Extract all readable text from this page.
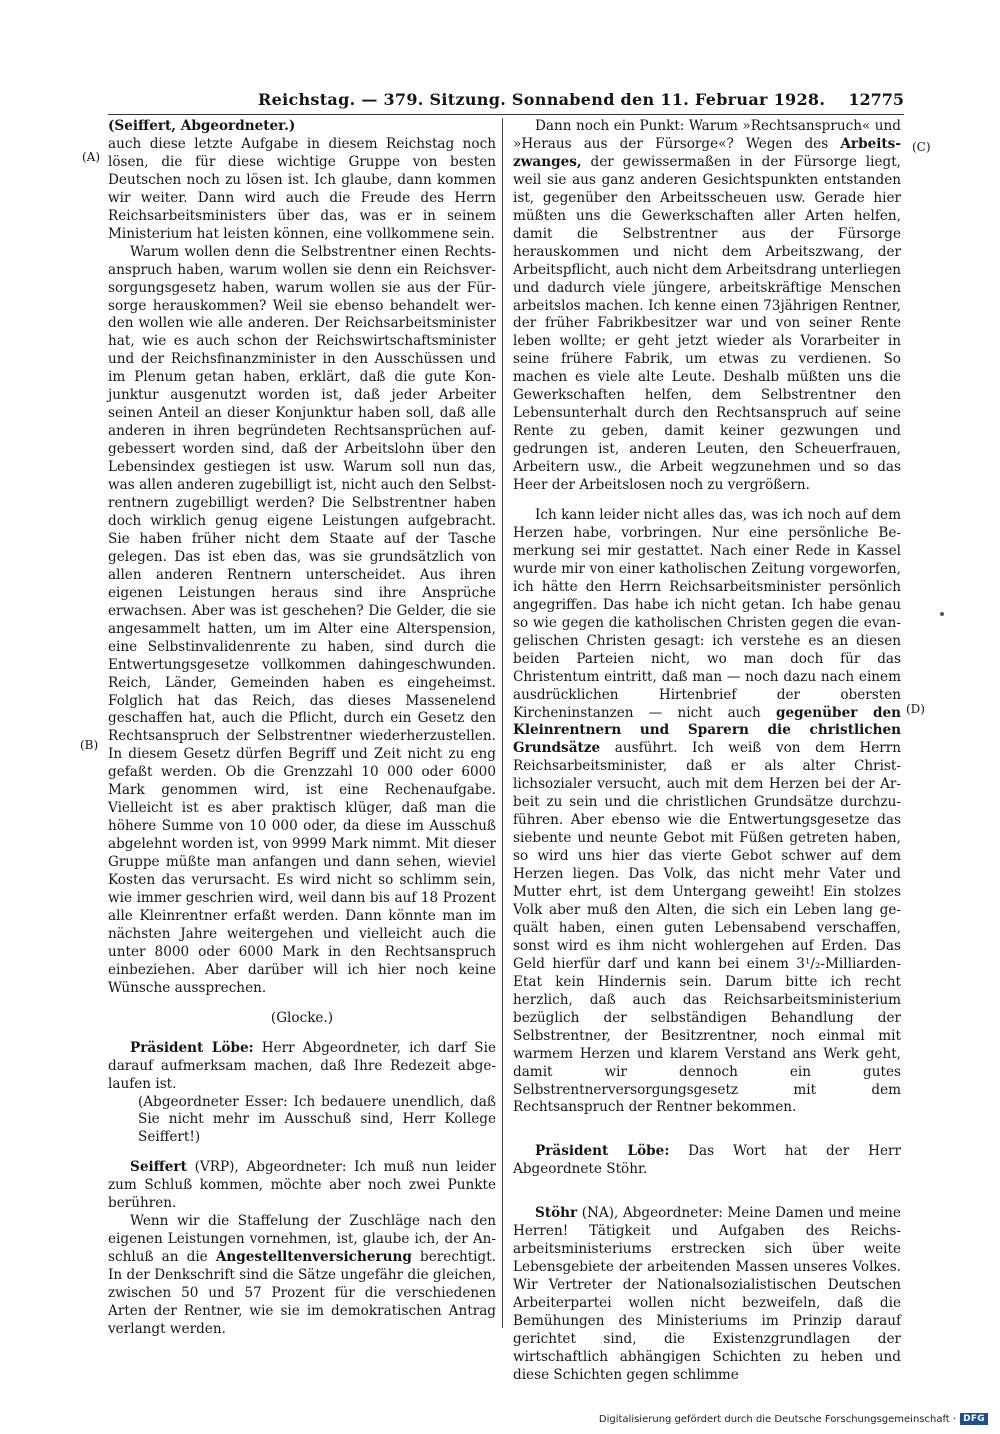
Reichstag. — 379. Sitzung. Sonnabend den 11. Februar 1928. 12775
(A)
(B)
(C)
(D)

(Seiffert, Abgeordneter.)

auch diese letzte Aufgabe in diesem Reichstag noch lösen, die für diese wichtige Gruppe von besten Deutschen noch zu lösen ist. Ich glaube, dann kommen wir weiter. Dann wird auch die Freude des Herrn Reichsarbeitsministers über das, was er in seinem Ministerium hat leisten können, eine vollkommene sein.

Warum wollen denn die Selbstrentner einen Rechtsanspruch haben, warum wollen sie denn ein Reichsversorgungsgesetz haben, warum wollen sie aus der Fürsorge herauskommen? Weil sie ebenso behandelt werden wollen wie alle anderen. Der Reichsarbeitsminister hat, wie es auch schon der Reichswirtschaftsminister und der Reichsfinanzminister in den Ausschüssen und im Plenum getan haben, erklärt, daß die gute Konjunktur ausgenutzt worden ist, daß jeder Arbeiter seinen Anteil an dieser Konjunktur haben soll, daß alle anderen in ihren begründeten Rechtsansprüchen aufgebessert worden sind, daß der Arbeitslohn über den Lebensindex gestiegen ist usw. Warum soll nun das, was allen anderen zugebilligt ist, nicht auch den Selbstrentnern zugebilligt werden? Die Selbstrentner haben doch wirklich genug eigene Leistungen aufgebracht. Sie haben früher nicht dem Staate auf der Tasche gelegen. Das ist eben das, was sie grundsätzlich von allen anderen Rentnern unterscheidet. Aus ihren eigenen Leistungen heraus sind ihre Ansprüche erwachsen. Aber was ist geschehen? Die Gelder, die sie angesammelt hatten, um im Alter eine Alterspension, eine Selbstinvalidenrente zu haben, sind durch die Entwertungsgesetze vollkommen dahingeschwunden. Reich, Länder, Gemeinden haben es eingeheimst. Folglich hat das Reich, das dieses Massenelend geschaffen hat, auch die Pflicht, durch ein Gesetz den Rechtsanspruch der Selbstrentner wiederherzustellen. In diesem Gesetz dürfen Begriff und Zeit nicht zu eng gefaßt werden. Ob die Grenzzahl 10 000 oder 6000 Mark genommen wird, ist eine Rechenaufgabe. Vielleicht ist es aber praktisch klüger, daß man die höhere Summe von 10 000 oder, da diese im Ausschuß abgelehnt worden ist, von 9999 Mark nimmt. Mit dieser Gruppe müßte man anfangen und dann sehen, wieviel Kosten das verursacht. Es wird nicht so schlimm sein, wie immer geschrien wird, weil dann bis auf 18 Prozent alle Kleinrentner erfaßt werden. Dann könnte man im nächsten Jahre weitergehen und vielleicht auch die unter 8000 oder 6000 Mark in den Rechtsanspruch einbeziehen. Aber darüber will ich hier noch keine Wünsche aussprechen.

(Glocke.)

Präsident Löbe: Herr Abgeordneter, ich darf Sie darauf aufmerksam machen, daß Ihre Redezeit abgelaufen ist.

(Abgeordneter Esser: Ich bedauere unendlich, daß Sie nicht mehr im Ausschuß sind, Herr Kollege Seiffert!)

Seiffert (VRP), Abgeordneter: Ich muß nun leider zum Schluß kommen, möchte aber noch zwei Punkte berühren.

Wenn wir die Staffelung der Zuschläge nach den eigenen Leistungen vornehmen, ist, glaube ich, der Anschluß an die Angestelltenversicherung berechtigt. In der Denkschrift sind die Sätze ungefähr die gleichen, zwischen 50 und 57 Prozent für die verschiedenen Arten der Rentner, wie sie im demokratischen Antrag verlangt werden.

Dann noch ein Punkt: Warum »Rechtsanspruch« und »Heraus aus der Fürsorge«? Wegen des Arbeitszwanges, der gewissermaßen in der Fürsorge liegt, weil sie aus ganz anderen Gesichtspunkten entstanden ist, gegenüber den Arbeitsscheuen usw. Gerade hier müßten uns die Gewerkschaften aller Arten helfen, damit die Selbstrentner aus der Fürsorge herauskommen und nicht dem Arbeitszwang, der Arbeitspflicht, auch nicht dem Arbeitsdrang unterliegen und dadurch viele jüngere, arbeitskräftige Menschen arbeitslos machen. Ich kenne einen 73jährigen Rentner, der früher Fabrikbesitzer war und von seiner Rente leben wollte; er geht jetzt wieder als Vorarbeiter in seine frühere Fabrik, um etwas zu verdienen. So machen es viele alte Leute. Deshalb müßten uns die Gewerkschaften helfen, dem Selbstrentner den Lebensunterhalt durch den Rechtsanspruch auf seine Rente zu geben, damit keiner gezwungen und gedrungen ist, anderen Leuten, den Scheuerfrauen, Arbeitern usw., die Arbeit wegzunehmen und so das Heer der Arbeitslosen noch zu vergrößern.

Ich kann leider nicht alles das, was ich noch auf dem Herzen habe, vorbringen. Nur eine persönliche Bemerkung sei mir gestattet. Nach einer Rede in Kassel wurde mir von einer katholischen Zeitung vorgeworfen, ich hätte den Herrn Reichsarbeitsminister persönlich angegriffen. Das habe ich nicht getan. Ich habe genau so wie gegen die katholischen Christen gegen die evangelischen Christen gesagt: ich verstehe es an diesen beiden Parteien nicht, wo man doch für das Christentum eintritt, daß man — noch dazu nach einem ausdrücklichen Hirtenbrief der obersten Kircheninstanzen — nicht auch gegenüber den Kleinrentnern und Sparern die christlichen Grundsätze ausführt. Ich weiß von dem Herrn Reichsarbeitsminister, daß er als alter Christlichsozialer versucht, auch mit dem Herzen bei der Arbeit zu sein und die christlichen Grundsätze durchzuführen. Aber ebenso wie die Entwertungsgesetze das siebente und neunte Gebot mit Füßen getreten haben, so wird uns hier das vierte Gebot schwer auf dem Herzen liegen. Das Volk, das nicht mehr Vater und Mutter ehrt, ist dem Untergang geweiht! Ein stolzes Volk aber muß den Alten, die sich ein Leben lang gequält haben, einen guten Lebensabend verschaffen, sonst wird es ihm nicht wohlergehen auf Erden. Das Geld hierfür darf und kann bei einem 3¹/₂-Milliarden-Etat kein Hindernis sein. Darum bitte ich recht herzlich, daß auch das Reichsarbeitsministerium bezüglich der selbständigen Behandlung der Selbstrentner, der Besitzrentner, noch einmal mit warmem Herzen und klarem Verstand ans Werk geht, damit wir dennoch ein gutes Selbstrentnerversorgungsgesetz mit dem Rechtsanspruch der Rentner bekommen.

Präsident Löbe: Das Wort hat der Herr Abgeordnete Stöhr.

Stöhr (NA), Abgeordneter: Meine Damen und meine Herren! Tätigkeit und Aufgaben des Reichsarbeitsministeriums erstrecken sich über weite Lebensgebiete der arbeitenden Massen unseres Volkes. Wir Vertreter der Nationalsozialistischen Deutschen Arbeiterpartei wollen nicht bezweifeln, daß die Bemühungen des Ministeriums im Prinzip darauf gerichtet sind, die Existenzgrundlagen der wirtschaftlich abhängigen Schichten zu heben und diese Schichten gegen schlimme

Digitalisierung gefördert durch die Deutsche Forschungsgemeinschaft · DFG
